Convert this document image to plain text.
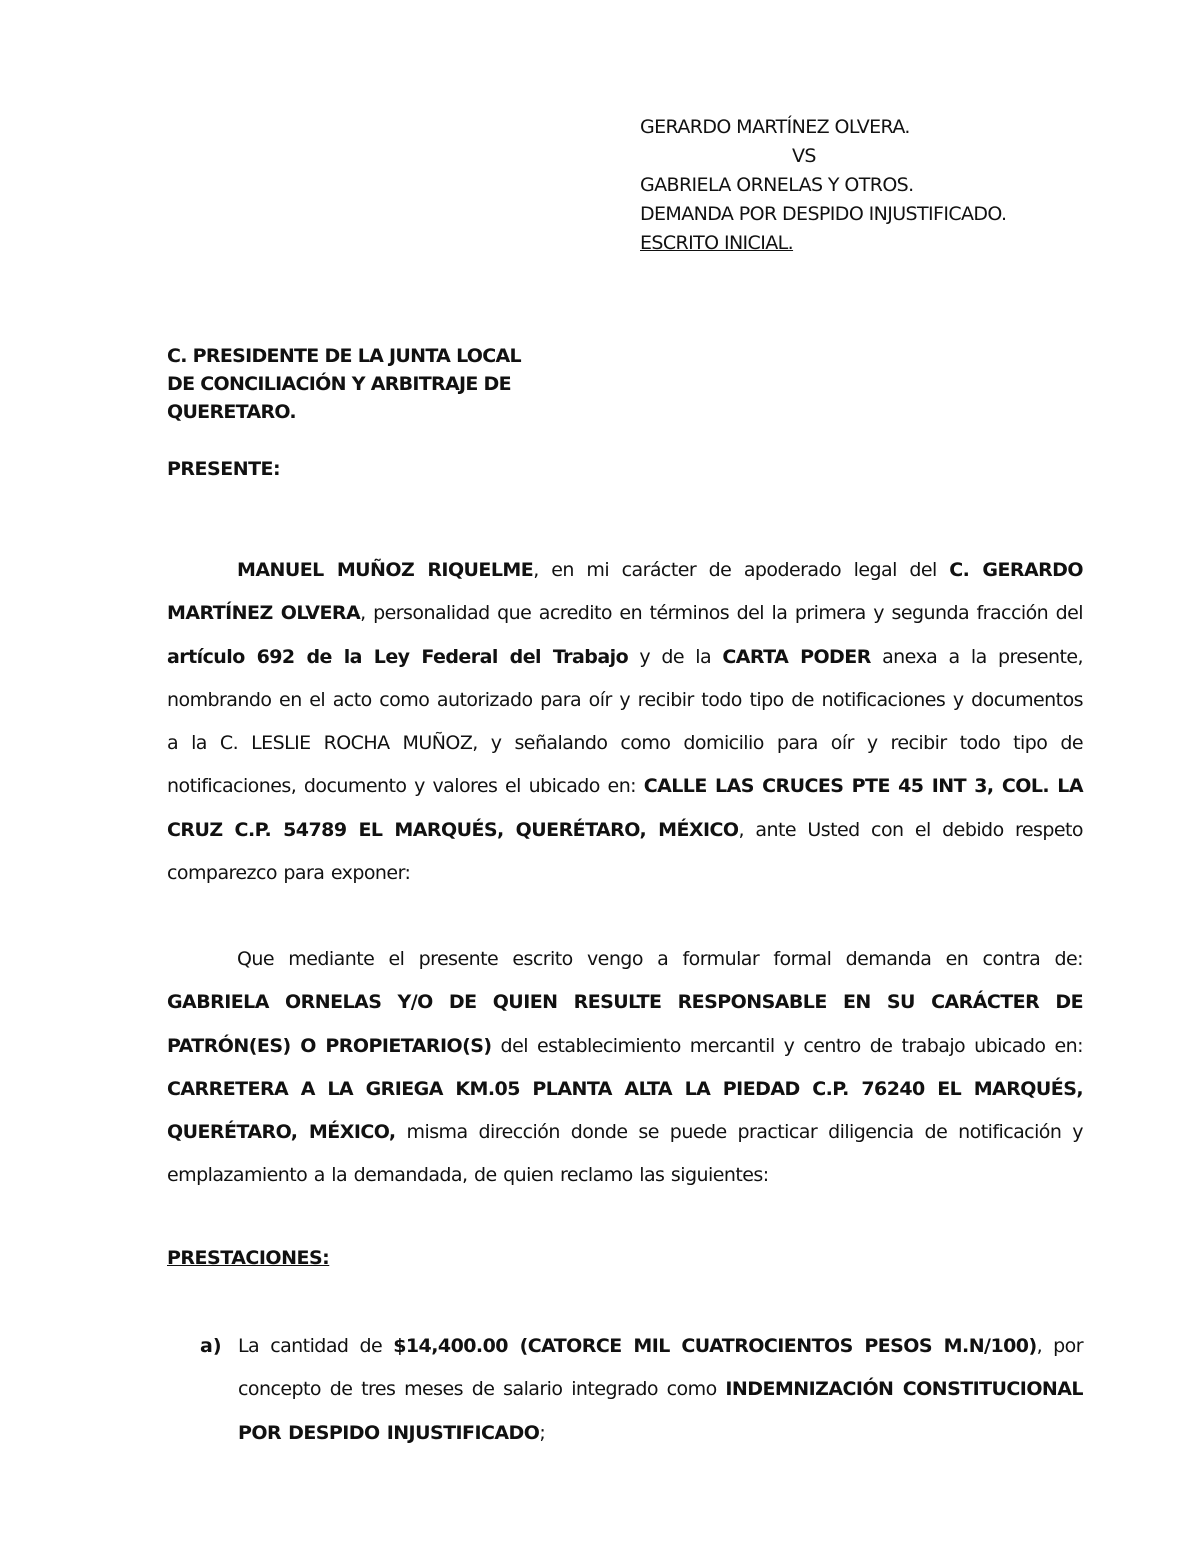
GERARDO MARTÍNEZ OLVERA.
VS
GABRIELA ORNELAS Y OTROS.
DEMANDA POR DESPIDO INJUSTIFICADO.
ESCRITO INICIAL.
C. PRESIDENTE DE LA JUNTA LOCAL
DE CONCILIACIÓN Y ARBITRAJE DE
QUERETARO.
PRESENTE:
MANUEL MUÑOZ RIQUELME, en mi carácter de apoderado legal del C. GERARDO MARTÍNEZ OLVERA, personalidad que acredito en términos del la primera y segunda fracción del artículo 692 de la Ley Federal del Trabajo y de la CARTA PODER anexa a la presente, nombrando en el acto como autorizado para oír y recibir todo tipo de notificaciones y documentos a la C. LESLIE ROCHA MUÑOZ, y señalando como domicilio para oír y recibir todo tipo de notificaciones, documento y valores el ubicado en: CALLE LAS CRUCES PTE 45 INT 3, COL. LA CRUZ C.P. 54789 EL MARQUÉS, QUERÉTARO, MÉXICO, ante Usted con el debido respeto comparezco para exponer:
Que mediante el presente escrito vengo a formular formal demanda en contra de: GABRIELA ORNELAS Y/O DE QUIEN RESULTE RESPONSABLE EN SU CARÁCTER DE PATRÓN(ES) O PROPIETARIO(S) del establecimiento mercantil y centro de trabajo ubicado en: CARRETERA A LA GRIEGA KM.05 PLANTA ALTA LA PIEDAD C.P. 76240 EL MARQUÉS, QUERÉTARO, MÉXICO, misma dirección donde se puede practicar diligencia de notificación y emplazamiento a la demandada, de quien reclamo las siguientes:
PRESTACIONES:
a) La cantidad de $14,400.00 (CATORCE MIL CUATROCIENTOS PESOS M.N/100), por concepto de tres meses de salario integrado como INDEMNIZACIÓN CONSTITUCIONAL POR DESPIDO INJUSTIFICADO;
